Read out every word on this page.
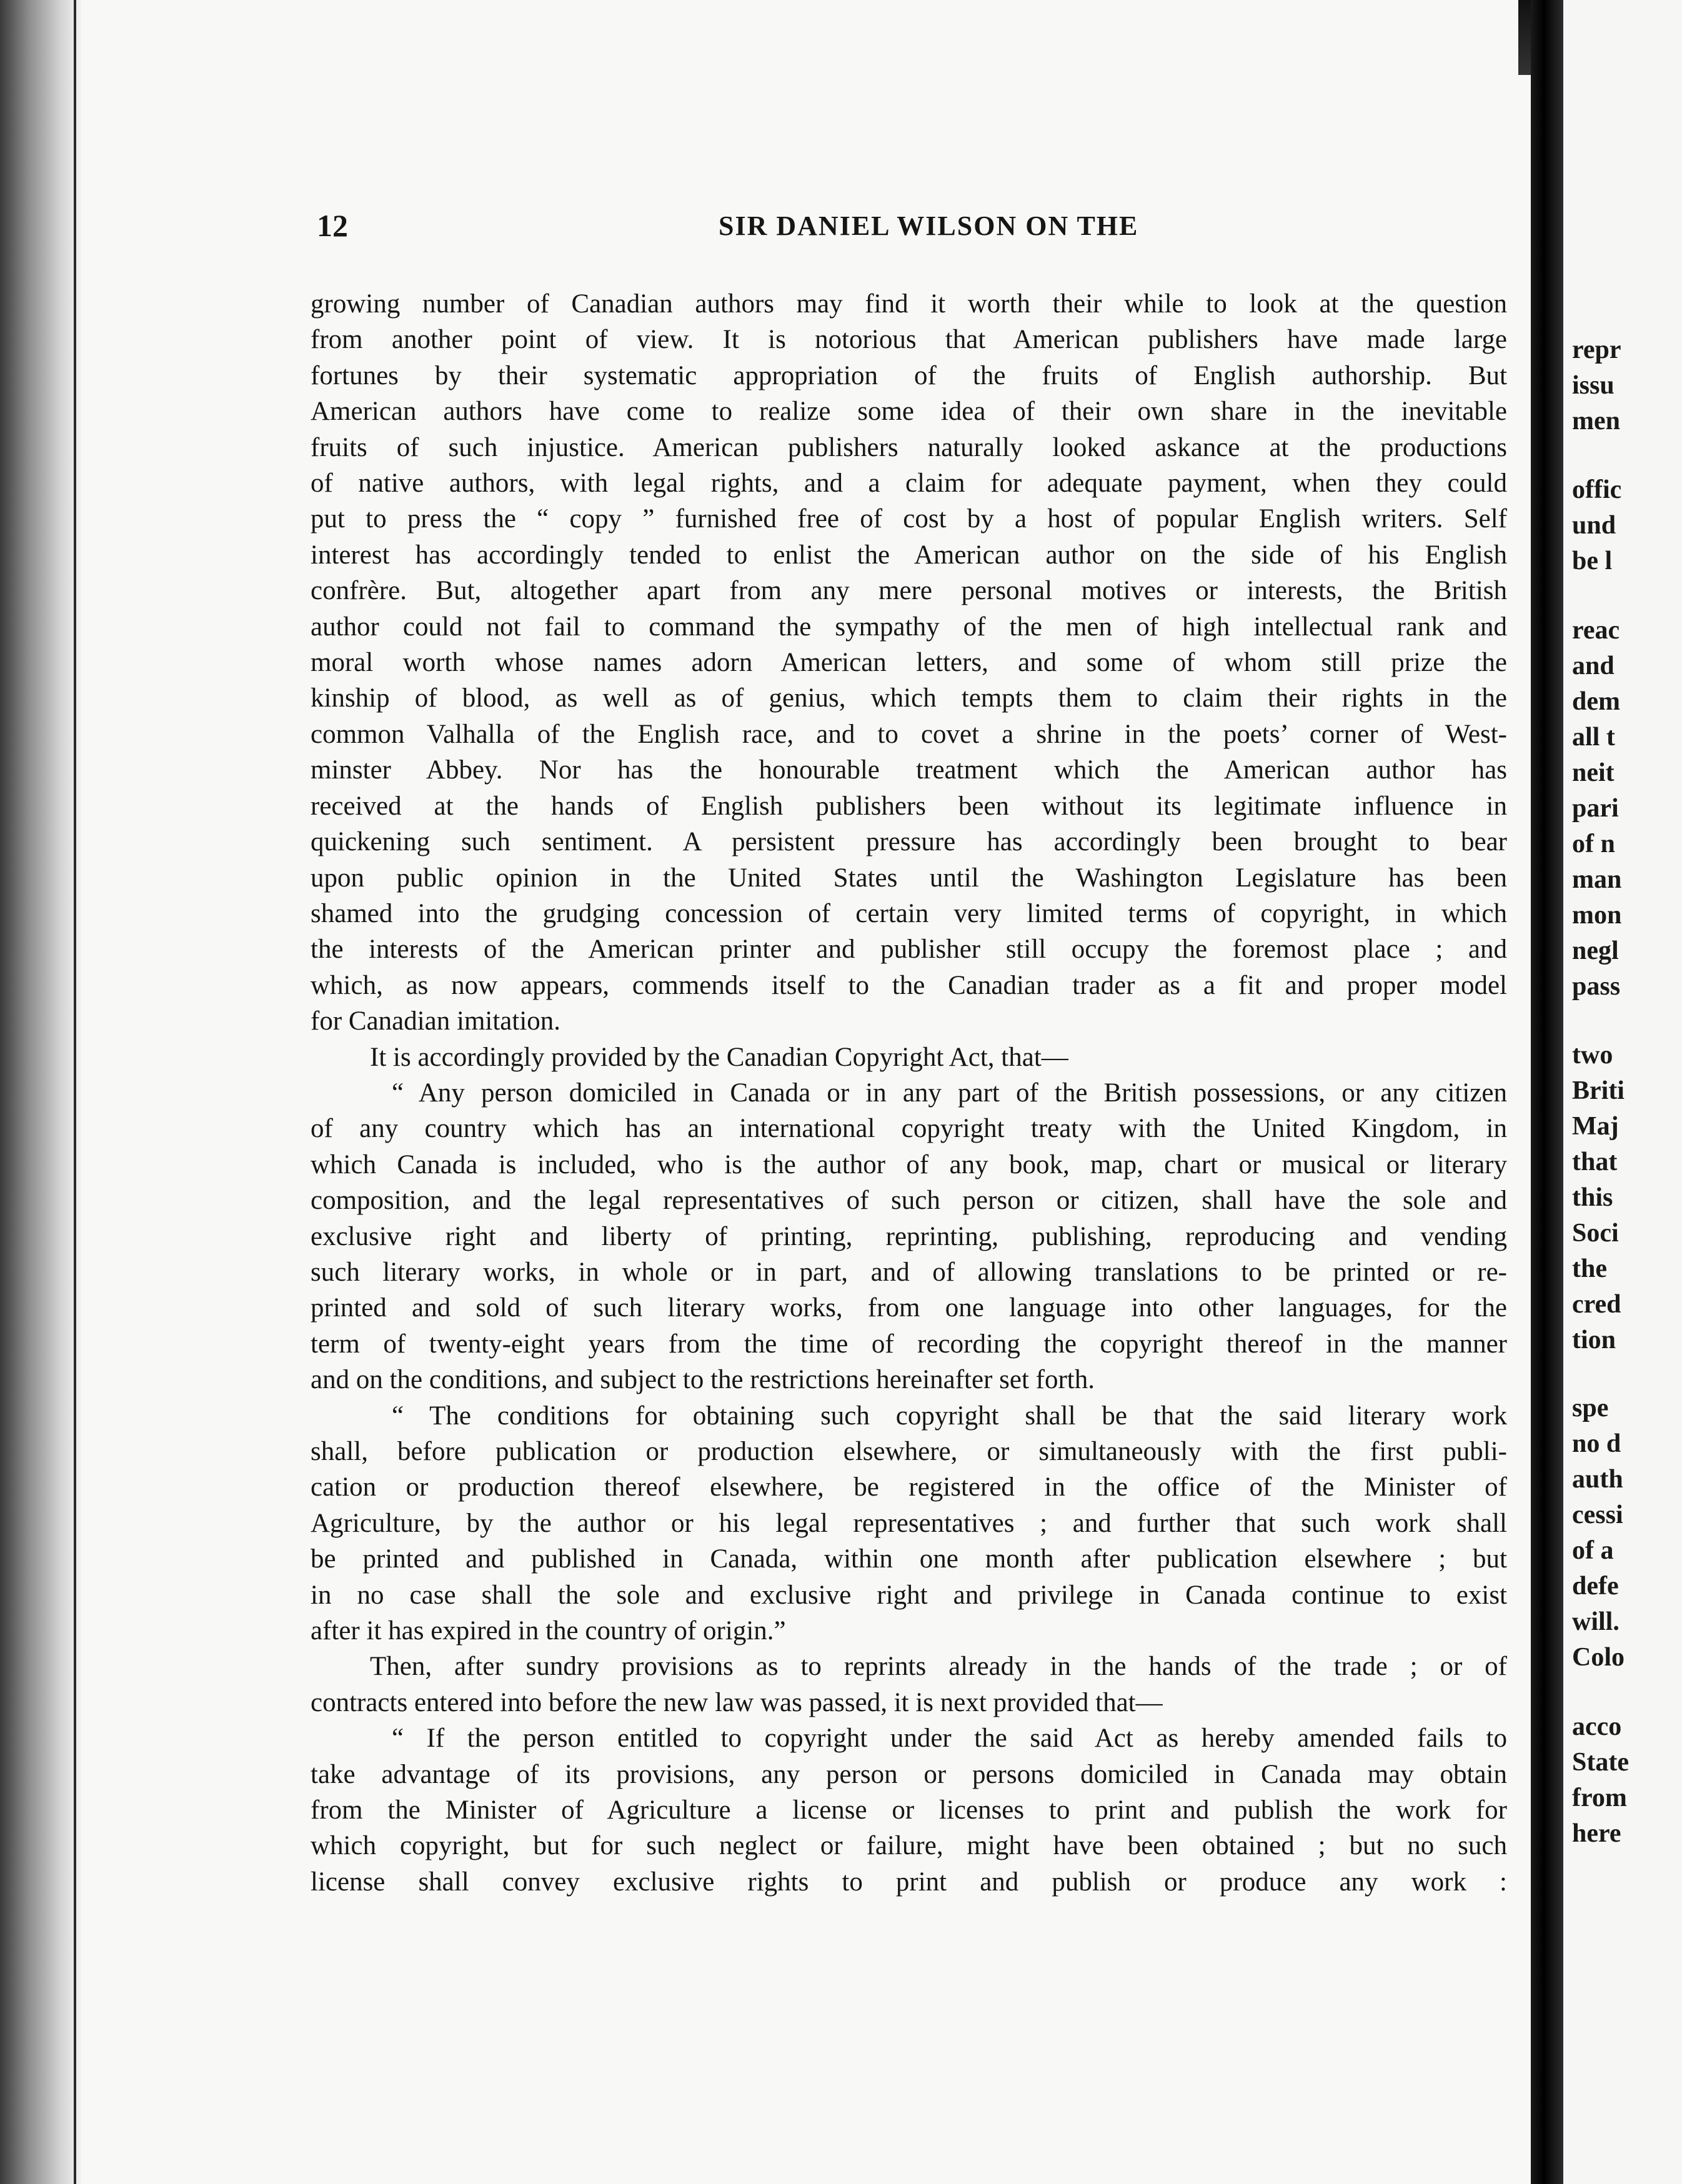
12	SIR DANIEL WILSON ON THE
growing number of Canadian authors may find it worth their while to look at the question
from another point of view. It is notorious that American publishers have made large
fortunes by their systematic appropriation of the fruits of English authorship. But
American authors have come to realize some idea of their own share in the inevitable
fruits of such injustice. American publishers naturally looked askance at the productions
of native authors, with legal rights, and a claim for adequate payment, when they could
put to press the “ copy ” furnished free of cost by a host of popular English writers. Self
interest has accordingly tended to enlist the American author on the side of his English
confrère. But, altogether apart from any mere personal motives or interests, the British
author could not fail to command the sympathy of the men of high intellectual rank and
moral worth whose names adorn American letters, and some of whom still prize the
kinship of blood, as well as of genius, which tempts them to claim their rights in the
common Valhalla of the English race, and to covet a shrine in the poets’ corner of West-
minster Abbey. Nor has the honourable treatment which the American author has
received at the hands of English publishers been without its legitimate influence in
quickening such sentiment. A persistent pressure has accordingly been brought to bear
upon public opinion in the United States until the Washington Legislature has been
shamed into the grudging concession of certain very limited terms of copyright, in which
the interests of the American printer and publisher still occupy the foremost place ; and
which, as now appears, commends itself to the Canadian trader as a fit and proper model
for Canadian imitation.
It is accordingly provided by the Canadian Copyright Act, that—
“ Any person domiciled in Canada or in any part of the British possessions, or any citizen
of any country which has an international copyright treaty with the United Kingdom, in
which Canada is included, who is the author of any book, map, chart or musical or literary
composition, and the legal representatives of such person or citizen, shall have the sole and
exclusive right and liberty of printing, reprinting, publishing, reproducing and vending
such literary works, in whole or in part, and of allowing translations to be printed or re-
printed and sold of such literary works, from one language into other languages, for the
term of twenty-eight years from the time of recording the copyright thereof in the manner
and on the conditions, and subject to the restrictions hereinafter set forth.
“ The conditions for obtaining such copyright shall be that the said literary work
shall, before publication or production elsewhere, or simultaneously with the first publi-
cation or production thereof elsewhere, be registered in the office of the Minister of
Agriculture, by the author or his legal representatives ; and further that such work shall
be printed and published in Canada, within one month after publication elsewhere ; but
in no case shall the sole and exclusive right and privilege in Canada continue to exist
after it has expired in the country of origin.”
Then, after sundry provisions as to reprints already in the hands of the trade ; or of
contracts entered into before the new law was passed, it is next provided that—
“ If the person entitled to copyright under the said Act as hereby amended fails to
take advantage of its provisions, any person or persons domiciled in Canada may obtain
from the Minister of Agriculture a license or licenses to print and publish the work for
which copyright, but for such neglect or failure, might have been obtained ; but no such
license shall convey exclusive rights to print and publish or produce any work :
repr
issu
men
offic
und
be l
reac
and
dem
all t
neit
pari
of n
man
mon
negl
pass
two
Briti
Maj
that
this
Soci
the
cred
tion
spe
no d
auth
cessi
of a
defe
will.
Colo
acco
State
from
here
